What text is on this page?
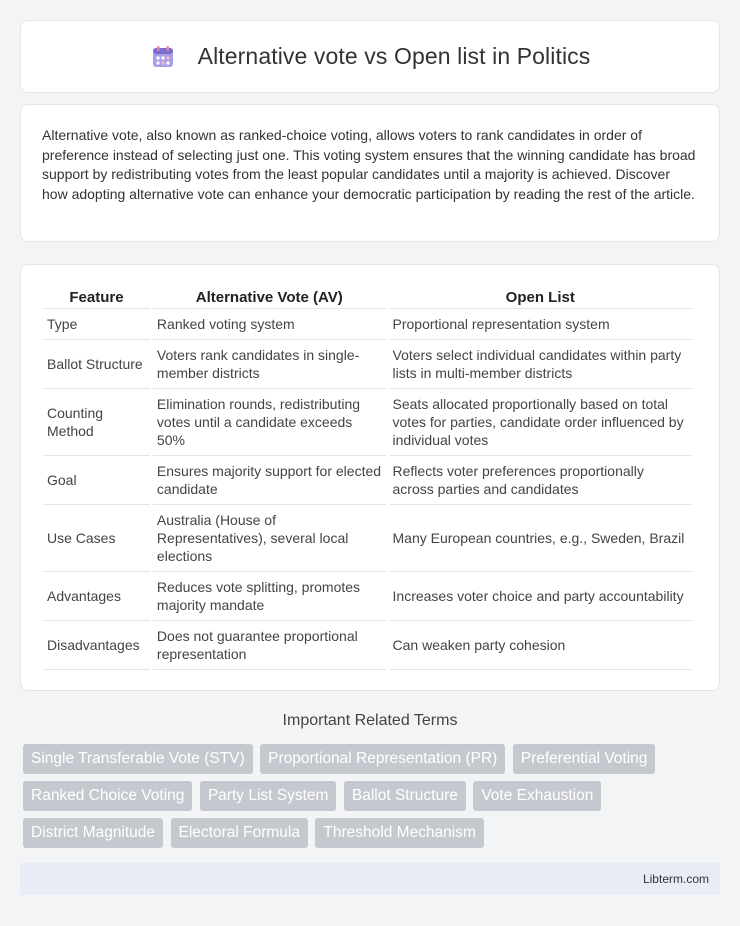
Alternative vote vs Open list in Politics

Alternative vote, also known as ranked-choice voting, allows voters to rank candidates in order of preference instead of selecting just one. This voting system ensures that the winning candidate has broad support by redistributing votes from the least popular candidates until a majority is achieved. Discover how adopting alternative vote can enhance your democratic participation by reading the rest of the article.

Feature	Alternative Vote (AV)	Open List
Type	Ranked voting system	Proportional representation system
Ballot Structure	Voters rank candidates in single-member districts	Voters select individual candidates within party lists in multi-member districts
Counting Method	Elimination rounds, redistributing votes until a candidate exceeds 50%	Seats allocated proportionally based on total votes for parties, candidate order influenced by individual votes
Goal	Ensures majority support for elected candidate	Reflects voter preferences proportionally across parties and candidates
Use Cases	Australia (House of Representatives), several local elections	Many European countries, e.g., Sweden, Brazil
Advantages	Reduces vote splitting, promotes majority mandate	Increases voter choice and party accountability
Disadvantages	Does not guarantee proportional representation	Can weaken party cohesion
Important Related Terms
Single Transferable Vote (STV) Proportional Representation (PR) Preferential Voting Ranked Choice Voting Party List System Ballot Structure Vote Exhaustion District Magnitude Electoral Formula Threshold Mechanism
Libterm.com
